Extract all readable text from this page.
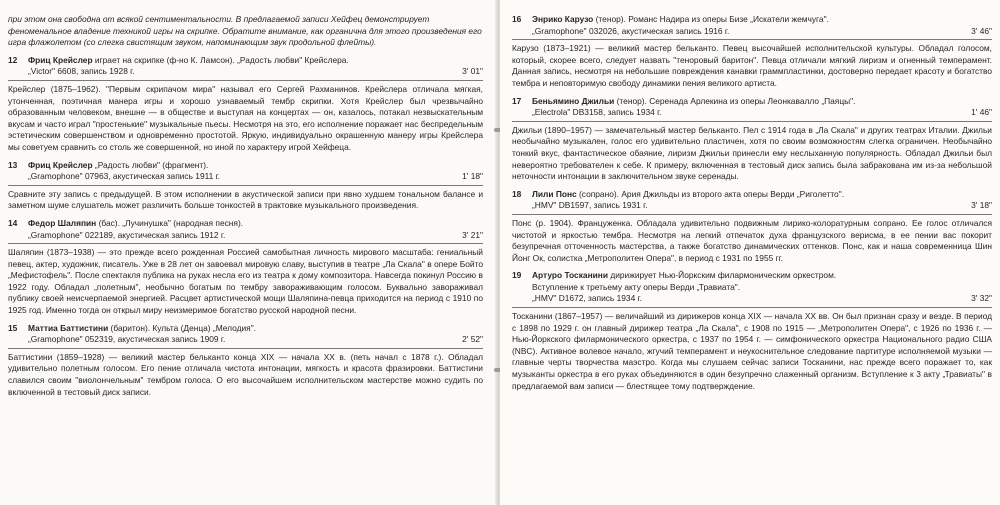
при этом она свободна от всякой сентиментальности. В предлагаемой записи Хейфец демонстрирует феноменальное владение техникой игры на скрипке. Обратите внимание, как органична для этого произведения его игра флажолетом (со слегка свистящим звуком, напоминающим звук продольной флейты).

12 Фриц Крейслер играет на скрипке (ф-но К. Ламсон). „Радость любви" Крейслера.
„Victor" 6608, запись 1928 г.	3' 01"
Крейслер (1875–1962). "Первым скрипачом мира" называл его Сергей Рахманинов. Крейслера отличала мягкая, утонченная, поэтичная манера игры и хорошо узнаваемый тембр скрипки. Хотя Крейслер был чрезвычайно образованным человеком, внешне — в обществе и выступая на концертах — он, казалось, потакал незвыскательным вкусам и часто играл "простенькие" музыкальные пьесы. Несмотря на это, его исполнение поражает нас беспредельным эстетическим совершенством и одновременно простотой. Яркую, индивидуально окрашенную манеру игры Крейслера мы советуем сравнить со столь же совершенной, но иной по характеру игрой Хейфеца.
13 Фриц Крейслер „Радость любви" (фрагмент).
„Gramophone" 07963, акустическая запись 1911 г.	1' 18"
Сравните эту запись с предыдущей. В этом исполнении в акустической записи при явно худшем тональном балансе и заметном шуме слушатель может различить больше тонкостей в трактовке музыкального произведения.
14 Федор Шаляпин (бас). „Лучинушка" (народная песня).
„Gramophone" 022189, акустическая запись 1912 г.	3' 21"
Шаляпин (1873–1938) — это прежде всего рожденная Россией самобытная личность мирового масштаба: гениальный певец, актер, художник, писатель. Уже в 28 лет он завоевал мировую славу, выступив в театре „Ла Скала" в опере Бойто „Мефистофель". После спектакля публика на руках несла его из театра к дому композитора. Навсегда покинул Россию в 1922 году. Обладал „полетным", необычно богатым по тембру завораживающим голосом. Буквально завораживал публику своей неисчерпаемой энергией. Расцвет артистической мощи Шаляпина-певца приходится на период с 1910 по 1925 год. Именно тогда он открыл миру неизмеримое богатство русской народной песни.
15 Маттиа Баттистини (баритон). Культа (Денца) „Мелодия".
„Gramophone" 052319, акустическая запись 1909 г.	2' 52"
Баттистини (1859–1928) — великий мастер бельканто конца XIX — начала XX в. (петь начал с 1878 г.). Обладал удивительно полетным голосом. Его пение отличала чистота интонации, мягкость и красота фразировки. Баттистини славился своим "виолончельным" тембром голоса. О его высочайшем исполнительском мастерстве можно судить по включенной в тестовый диск записи.
16 Энрико Карузо (тенор). Романс Надира из оперы Бизе „Искатели жемчуга".
„Gramophone" 032026, акустическая запись 1916 г.	3' 46"
Карузо (1873–1921) — великий мастер бельканто. Певец высочайшей исполнительской культуры. Обладал голосом, который, скорее всего, следует назвать "теноровый баритон". Певца отличали мягкий лиризм и огненный темперамент. Данная запись, несмотря на небольшие повреждения канавки граммпластинки, достоверно передает красоту и богатство тембра и неповторимую свободу динамики пения великого артиста.
17 Беньямино Джильи (тенор). Серенада Арлекина из оперы Леонкавалло „Паяцы".
„Electrola" DB3158, запись 1934 г.	1' 46"
Джильи (1890–1957) — замечательный мастер бельканто. Пел с 1914 года в „Ла Скала" и других театрах Италии. Джильи необычайно музыкален, голос его удивительно пластичен, хотя по своим возможностям слегка ограничен. Необычайно тонкий вкус, фантастическое обаяние, лиризм Джильи принесли ему неслыханную популярность. Обладал Джильи был невероятно требователен к себе. К примеру, включенная в тестовый диск запись была забракована им из-за небольшой неточности интонации в заключительном звуке серенады.
18 Лили Понс (сопрано). Ария Джильды из второго акта оперы Верди „Риголетто".
„HMV" DB1597, запись 1931 г.	3' 18"
Понс (р. 1904). Француженка. Обладала удивительно подвижным лирико-колоратурным сопрано. Ее голос отличался чистотой и яркостью тембра. Несмотря на легкий отпечаток духа французского верисма, в ее пении вас покорит безупречная отточенность мастерства, а также богатство динамических оттенков. Понс, как и наша современница Шин Йонг Ок, солистка „Метрополитен Опера", в период с 1931 по 1955 гг.
19 Артуро Тосканини дирижирует Нью-Йоркским филармоническим оркестром.
Вступление к третьему акту оперы Верди „Травиата".
„HMV" D1672, запись 1934 г.	3' 32"
Тосканини (1867–1957) — величайший из дирижеров конца XIX — начала XX вв. Он был признан сразу и везде. В период с 1898 по 1929 г. он главный дирижер театра „Ла Скала", с 1908 по 1915 — „Метрополитен Опера", с 1926 по 1936 г. — Нью-Йоркского филармонического оркестра, с 1937 по 1954 г. — симфонического оркестра Национального радио США (NBC). Активное волевое начало, жгучий темперамент и неукоснительное следование партитуре исполняемой музыки — главные черты творчества маэстро. Когда мы слушаем сейчас записи Тосканини, нас прежде всего поражает то, как музыканты оркестра в его руках объединяются в один безупречно слаженный организм. Вступление к 3 акту „Травиаты" в предлагаемой вам записи — блестящее тому подтверждение.
